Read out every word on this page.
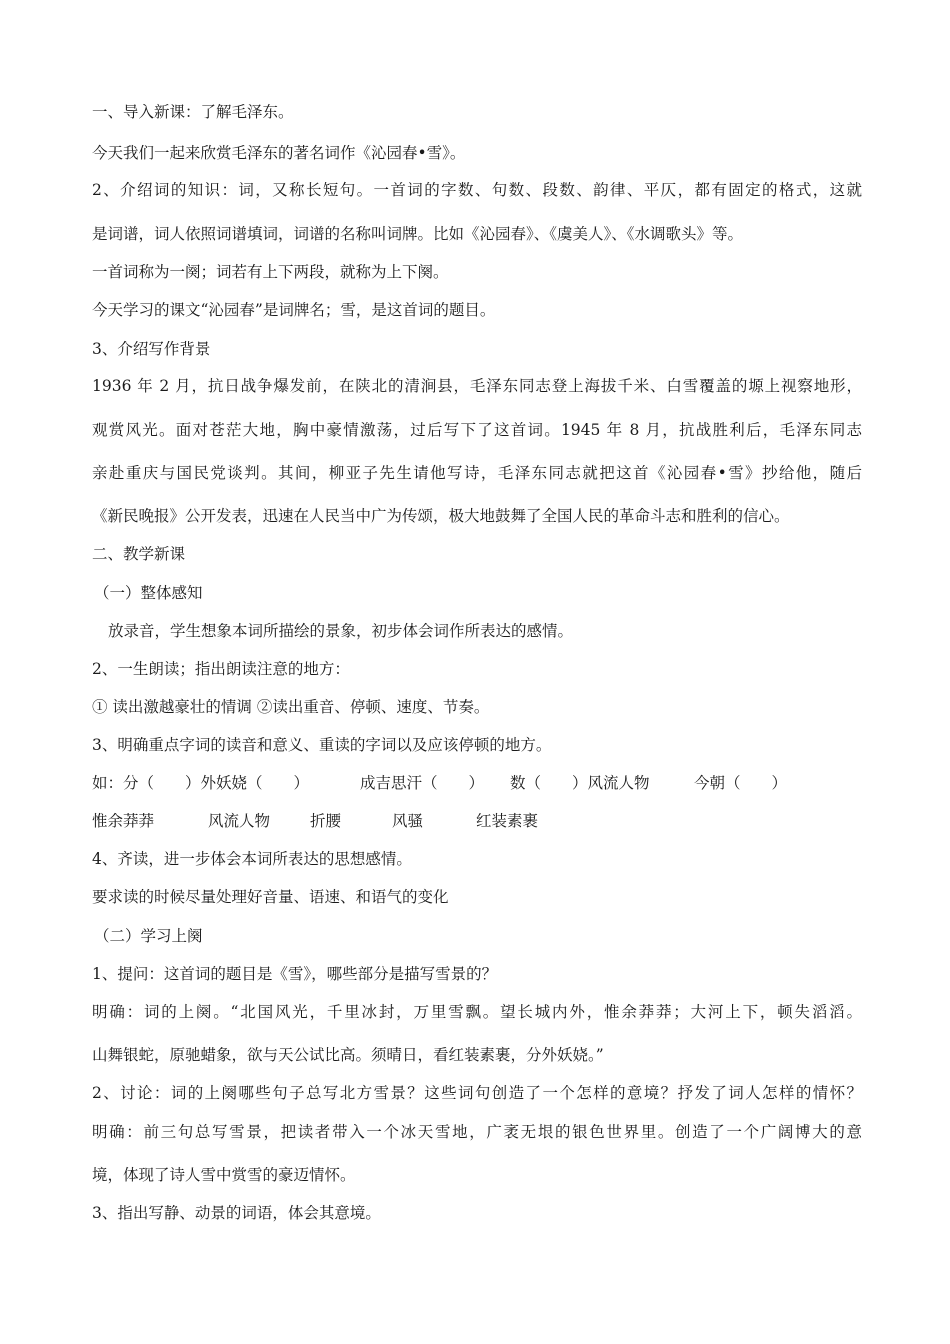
一、导入新课：了解毛泽东。
今天我们一起来欣赏毛泽东的著名词作《沁园春•雪》。
2、介绍词的知识：词，又称长短句。一首词的字数、句数、段数、韵律、平仄，都有固定的格式，这就
是词谱，词人依照词谱填词，词谱的名称叫词牌。比如《沁园春》、《虞美人》、《水调歌头》等。
一首词称为一阕；词若有上下两段，就称为上下阕。
今天学习的课文“沁园春”是词牌名；雪，是这首词的题目。
3、介绍写作背景
1936 年 2 月，抗日战争爆发前，在陕北的清涧县，毛泽东同志登上海拔千米、白雪覆盖的塬上视察地形，
观赏风光。面对苍茫大地，胸中豪情激荡，过后写下了这首词。1945 年 8 月，抗战胜利后，毛泽东同志
亲赴重庆与国民党谈判。其间，柳亚子先生请他写诗，毛泽东同志就把这首《沁园春•雪》抄给他，随后
《新民晚报》公开发表，迅速在人民当中广为传颂，极大地鼓舞了全国人民的革命斗志和胜利的信心。
二、教学新课
（一）整体感知
放录音，学生想象本词所描绘的景象，初步体会词作所表达的感情。
2、一生朗读；指出朗读注意的地方：
① 读出激越豪壮的情调 ②读出重音、停顿、速度、节奏。
3、明确重点字词的读音和意义、重读的字词以及应该停顿的地方。
如：分（　　）外妖娆（　　）	成吉思汗（　　） 数（　　）风流人物	今朝（　　）
惟余莽莽	风流人物	折腰	风骚	红装素裹
4、齐读，进一步体会本词所表达的思想感情。
要求读的时候尽量处理好音量、语速、和语气的变化
（二）学习上阕
1、提问：这首词的题目是《雪》，哪些部分是描写雪景的？
明确：词的上阕。“北国风光，千里冰封，万里雪飘。望长城内外，惟余莽莽；大河上下，顿失滔滔。
山舞银蛇，原驰蜡象，欲与天公试比高。须晴日，看红装素裹，分外妖娆。”
2、讨论：词的上阕哪些句子总写北方雪景？这些词句创造了一个怎样的意境？抒发了词人怎样的情怀？
明确：前三句总写雪景，把读者带入一个冰天雪地，广袤无垠的银色世界里。创造了一个广阔博大的意
境，体现了诗人雪中赏雪的豪迈情怀。
3、指出写静、动景的词语，体会其意境。
